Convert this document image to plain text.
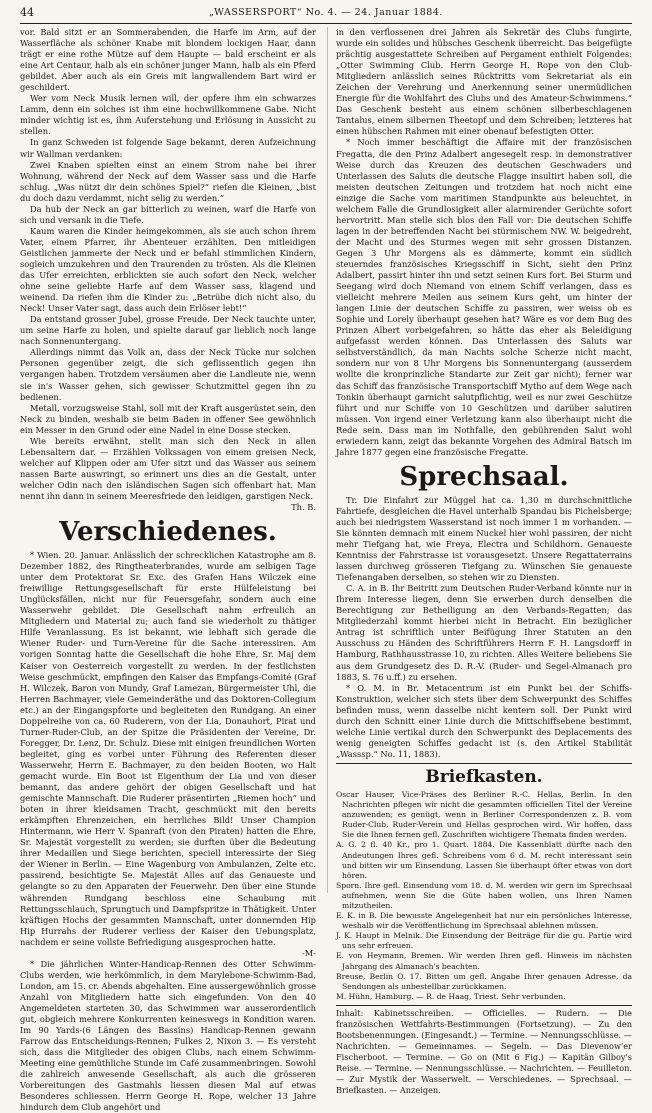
44	„WASSERSPORT“ No. 4. — 24. Januar 1884.

vor. Bald sitzt er an Sommerabenden, die Harfe im Arm, auf der Wasserfläche als schöner Knabe mit blondem lockigen Haar, dann trägt er eine rothe Mütze auf dem Haupte — bald erscheint er als eine Art Centaur, halb als ein schöner junger Mann, halb als ein Pferd gebildet. Aber auch als ein Greis mit langwallendem Bart wird er geschildert.

Wer vom Neck Musik lernen will, der opfere ihm ein schwarzes Lamm, denn ein solches ist ihm eine hochwillkommene Gabe. Nicht minder wichtig ist es, ihm Auferstehung und Erlösung in Aussicht zu stellen.

In ganz Schweden ist folgende Sage bekannt, deren Aufzeichnung wir Wallman verdanken:

Zwei Knaben spielten einst an einem Strom nahe bei ihrer Wohnung, während der Neck auf dem Wasser sass und die Harfe schlug. „Was nützt dir dein schönes Spiel?“ riefen die Kleinen, „bist du doch dazu verdammt, nicht selig zu werden.“

Da hub der Neck an gar bitterlich zu weinen, warf die Harfe von sich und versank in die Tiefe.

Kaum waren die Kinder heimgekommen, als sie auch schon ihrem Vater, einem Pfarrer, ihr Abenteuer erzählten. Den mitleidigen Geistlichen jammerte der Neck und er befahl stimmlichen Kindern, sogleich umzukehren und den Traurenden zu trösten. Als die Kleinen das Ufer erreichten, erblickten sie auch sofort den Neck, welcher ohne seine geliebte Harfe auf dem Wasser sass, klagend und weinend. Da riefen ihm die Kinder zu: „Betrübe dich nicht also, du Neck! Unser Vater sagt, dass auch dein Erlöser lebt!“

Da entstand grosser Jubel, grosse Freude. Der Neck tauchte unter, um seine Harfe zu holen, und spielte darauf gar lieblich noch lange nach Sonnenuntergang.

Allerdings nimmt das Volk an, dass der Neck Tücke nur solchen Personen gegenüber zeigt, die sich geflissentlich gegen ihn vergangen haben. Trotzdem versäumen aber die Landleute nie, wenn sie in's Wasser gehen, sich gewisser Schutzmittel gegen ihn zu bedienen.

Metall, vorzugsweise Stahl, soll mit der Kraft ausgerüstet sein, den Neck zu binden, weshalb sie beim Baden in offener See gewöhnlich ein Messer in den Grund oder eine Nadel in eine Dosse stecken.

Wie bereits erwähnt, stellt man sich den Neck in allen Lebensaltern dar. — Erzählen Volkssagen von einem greisen Neck, welcher auf Klippen oder am Ufer sitzt und das Wasser aus seinem nassen Barte auswringt, so erinnert uns dies an die Gestalt, unter welcher Odin nach den isländischen Sagen sich offenbart hat. Man nennt ihn dann in seinem Meeresfriede den leidigen, garstigen Neck.

Th. B.

Verschiedenes.

* Wien. 20. Januar. Anlässlich der schrecklichen Katastrophe am 8. Dezember 1882, des Ringtheaterbrandes, wurde am selbigen Tage unter dem Protektorat Sr. Exc. des Grafen Hans Wilczek eine freiwillige Rettungsgesellschaft für erste Hülfeleistung bei Unglücksfällen, nicht nur für Feuersgefahr, sondern auch eine Wasserwehr gebildet. Die Gesellschaft nahm erfreulich an Mitgliedern und Material zu; auch fand sie wiederholt zu thätiger Hilfe Veranlassung. Es ist bekannt, wie lebhaft sich gerade die Wiener Ruder- und Turn-Vereine für die Sache interessiren. Am vorigen Sonntag hatte die Gesellschaft die hohe Ehre, Sr. Maj dem Kaiser von Oesterreich vorgestellt zu werden. In der festlichsten Weise geschmückt, empfingen den Kaiser das Empfangs-Comité (Graf H. Wilczek, Baron von Mundy, Graf Lamezan, Bürgermeister Uhl, die Herren Bachmayer, viele Gemeinderäthe und das Doktoren-Collegium etc.) an der Eingangspforte und begleiteten den Rundgang. An einer Doppelreihe von ca. 60 Ruderern, von der Lia, Donauhort, Pirat und Turner-Ruder-Club, an der Spitze die Präsidenten der Vereine, Dr. Foregger, Dr. Lenz, Dr. Schulz. Diese mit einigen freundlichen Worten begleitet, ging es vorbei unter Führung des Referenten dieser Wasserwehr, Herrn E. Bachmayer, zu den beiden Booten, wo Halt gemacht wurde. Ein Boot ist Eigenthum der Lia und von dieser bemannt, das andere gehört der obigen Gesellschaft und hat gemischte Mannschaft. Die Ruderer präsentirten „Riemen hoch“ und boten in ihrer kleidsamen Tracht, geschmückt mit den bereits erkämpften Ehrenzeichen, ein herrliches Bild! Unser Champion Hintermann, wie Herr V. Spanraft (von den Piraten) hatten die Ehre, Sr. Majestät vorgestellt zu werden; sie durften über die Bedeutung ihrer Medaillen und Siege berichten, speciell interessirte der Sieg der Wiener in Berlin. — Eine Wagenburg von Ambulanzen, Zelte etc. passirend, besichtigte Se. Majestät Alles auf das Genaueste und gelangte so zu den Apparaten der Feuerwehr. Den über eine Stunde währenden Rundgang beschloss eine Schaubung mit Rettungsschlauch, Sprungtuch und Dampfspritze in Thätigkeit. Unter kräftigen Hochs der gesammten Mannschaft, unter donnernden Hip Hip Hurrahs der Ruderer verliess der Kaiser den Uebungsplatz, nachdem er seine vollste Befriedigung ausgesprochen hatte.

-M-

* Die jährlichen Winter-Handicap-Rennen des Otter Schwimm-Clubs werden, wie herkömmlich, in dem Marylebone-Schwimm-Bad, London, am 15. cr. Abends abgehalten. Eine aussergewöhnlich grosse Anzahl von Mitgliedern hatte sich eingefunden. Von den 40 Angemeldeten starteten 30, das Schwimmen war ausserordentlich gut, obgleich mehrere Konkurrenten keineswegs in Kondition waren. Im 90 Yards-(6 Längen des Bassins) Handicap-Rennen gewann Farrow das Entscheidungs-Rennen; Fulkes 2, Nixon 3. — Es versteht sich, dass die Mitglieder des obigen Clubs, nach einem Schwimm-Meeting eine gemüthliche Stunde im Café zusammenbringen. Sowohl die zahlreich anwesende Gesellschaft, als auch die grösseren Vorbereitungen des Gastmahls liessen diesen Mal auf etwas Besonderes schliessen. Herrn George H. Rope, welcher 13 Jahre hindurch dem Club angehört und

in den verflossenen drei Jahren als Sekretär des Clubs fungirte, wurde ein solides und hübsches Geschenk überreicht. Das beigefügte prächtig ausgestattete Schreiben auf Pergament enthielt Folgendes: „Otter Swimming Club. Herrn George H. Rope von den Club-Mitgliedern anlässlich seines Rücktritts vom Sekretariat als ein Zeichen der Verehrung und Anerkennung seiner unermüdlichen Energie für die Wohlfahrt des Clubs und des Amateur-Schwimmens.“ Das Geschenk besteht aus einem schönen silberbeschlagenen Tantalus, einem silbernen Theetopf und dem Schreiben; letzteres hat einen hübschen Rahmen mit einer obenauf befestigten Otter.

* Noch immer beschäftigt die Affaire mit der französischen Fregatta, die den Prinz Adalbert angesegelt resp. in demonstrativer Weise durch das Kreuzen des deutschen Geschwaders und Unterlassen des Saluts die deutsche Flagge insultirt haben soll, die meisten deutschen Zeitungen und trotzdem hat noch nicht eine einzige die Sache vom maritimen Standpunkte aus beleuchtet, in welchem Falle die Grundlosigkeit aller alarmirender Gerüchte sofort hervortritt. Man stelle sich blos den Fall vor: Die deutschen Schiffe lagen in der betreffenden Nacht bei stürmischem NW. W. beigedreht, der Macht und des Sturmes wegen mit sehr grossen Distanzen. Gegen 3 Uhr Morgens als es dämmerte, kommt ein südlich steuerndes französisches Kriegsschiff in Sicht, sieht den Prinz Adalbert, passirt hinter ihn und setzt seinen Kurs fort. Bei Sturm und Seegang wird doch Niemand von einem Schiff verlangen, dass es vielleicht mehrere Meilen aus seinem Kurs geht, um hinter der langen Linie der deutschen Schiffe zu passiren, wer weiss ob es Sophie und Lorely überhaupt gesehen hat? Wäre es vor dem Bug des Prinzen Albert vorbeigefahren, so hätte das eher als Beleidigung aufgefasst werden können. Das Unterlassen des Saluts war selbstverständlich, da man Nachts solche Scherze nicht macht, sondern nur von 8 Uhr Morgens bis Sonnenuntergang (ausserdem wollte die kronprinzliche Standarte zur Zeit gar nicht); ferner war das Schiff das französische Transportschiff Mytho auf dem Wege nach Tonkin überhaupt garnicht salutpflichtig, weil es nur zwei Geschütze führt und nur Schiffe von 10 Geschützen und darüber salutiren müssen. Von irgend einer Verletzung kann also überhaupt nicht die Rede sein. Dass man im Nothfalle, den gebührenden Salut wohl erwiedern kann, zeigt das bekannte Vorgehen des Admiral Batsch im Jahre 1877 gegen eine französische Fregatte.

Sprechsaal.

Tr. Die Einfahrt zur Müggel hat ca. 1,30 m durchschnittliche Fahrtiefe, desgleichen die Havel unterhalb Spandau bis Pichelsberge; auch bei niedrigstem Wasserstand ist noch immer 1 m vorhanden. — Sie könnten demnach mit einem Nuckel hier wohl passiren, der nicht mehr Tiefgang hat, wie Freya, Electra und Schildhorn. Genaueste Kenntniss der Fahrstrasse ist vorausgesetzt. Unsere Regattaterrains lassen durchweg grösseren Tiefgang zu. Wünschen Sie genaueste Tiefenangaben derselben, so stehen wir zu Diensten.

C. A. in B. Ihr Beitritt zum Deutschen Ruder-Verband könnte nur in Ihrem Interesse liegen, denn Sie erwerben durch denselben die Berechtigung zur Betheiligung an den Verbands-Regatten; das Mitgliederzahl kommt hierbei nicht in Betracht. Ein bezüglicher Antrag ist schriftlich unter Beifügung Ihrer Statuten an den Ausschuss zu Händen des Schriftführers Herrn F. H. Langsdorff in Hamburg, Rathhausstrasse 10, zu richten. Alles Weitere beliebens Sie aus dem Grundgesetz des D. R.-V. (Ruder- und Segel-Almanach pro 1883, S. 76 u.ff.) zu ersehen.

* O. M. in Br. Metacentrum ist ein Punkt bei der Schiffs-Konstruktion, welcher sich stets über dem Schwerpunkt des Schiffes befinden muss, wenn dasselbe nicht kentern soll. Der Punkt wird durch den Schnitt einer Linie durch die Mittschiffsebene bestimmt, welche Linie vertikal durch den Schwerpunkt des Deplacements des wenig geneigten Schiffes gedacht ist (s. den Artikel Stabilität „Wasssp.“ No. 11, 1883).

Briefkasten.

Oscar Hauser, Vice-Präses des Berliner R.-C. Hellas, Berlin. In den Nachrichten pflegen wir nicht die gesammten officiellen Titel der Vereine anzuwenden; es genügt, wenn in Berliner Correspondenzen z. B. vom Ruder-Club, Ruder-Verein und Hellas gesprochen wird. Wir hoffen, dass Sie die Ihnen fernen gefl. Zuschriften wichtigere Themata finden werden.

A. G. 2 fl. 40 Kr., pro 1. Quart. 1884. Die Kassenblatt dürfte nach den Andeutungen Ihres gefl. Schreibens vom 6 d. M. recht interessant sein und bitten wir um Einsendung. Lassen Sie überhaupt öfter etwas von dort hören.

Sporn. Ihre gefl. Einsendung vom 18. d. M. werden wir gern im Sprechsaal aufnehmen, wenn Sie die Güte haben wollen, uns Ihren Namen mitzutheilen.

E. K. in B. Die bewusste Angelegenheit hat nur ein persönliches Interesse, weshalb wir die Veröffentlichung im Sprechsaal ablehnen müssen.

J. K. Haupt in Melnik. Die Einsendung der Beiträge für die gu. Partie wird uns sehr erfreuen.

E. von Heymann, Bremen. Wir werden Ihren gefl. Hinweis im nächsten Jahrgang des Almanach's beachten.

Breuse, Berlin O. 17. Bitten um gefl. Angabe Ihrer genauen Adresse, da Sendungen als unbestellbar zurückkamen.

M. Hühn, Hamburg. — R. de Haag, Triest. Sehr verbunden.

Inhalt: Kabinetsschreiben. — Officielles. — Rudern. — Die französischen Wettfahrts-Bestimmungen (Fortsetzung). — Zu den Bootsbenennungen. (Eingesandt.) — Termine. — Nennungsschlüsse. — Nachrichten. — Gemeinnames. — Segeln. — Das Dievenow'er Fischerboot. — Termine. — Go on (Mit 6 Fig.) — Kapitän Gilboy's Reise. — Termine. — Nennungsschlüsse. — Nachrichten. — Feuilleton. — Zur Mystik der Wasserwelt. — Verschiedenes. — Sprechsaal. — Briefkasten. — Anzeigen.
